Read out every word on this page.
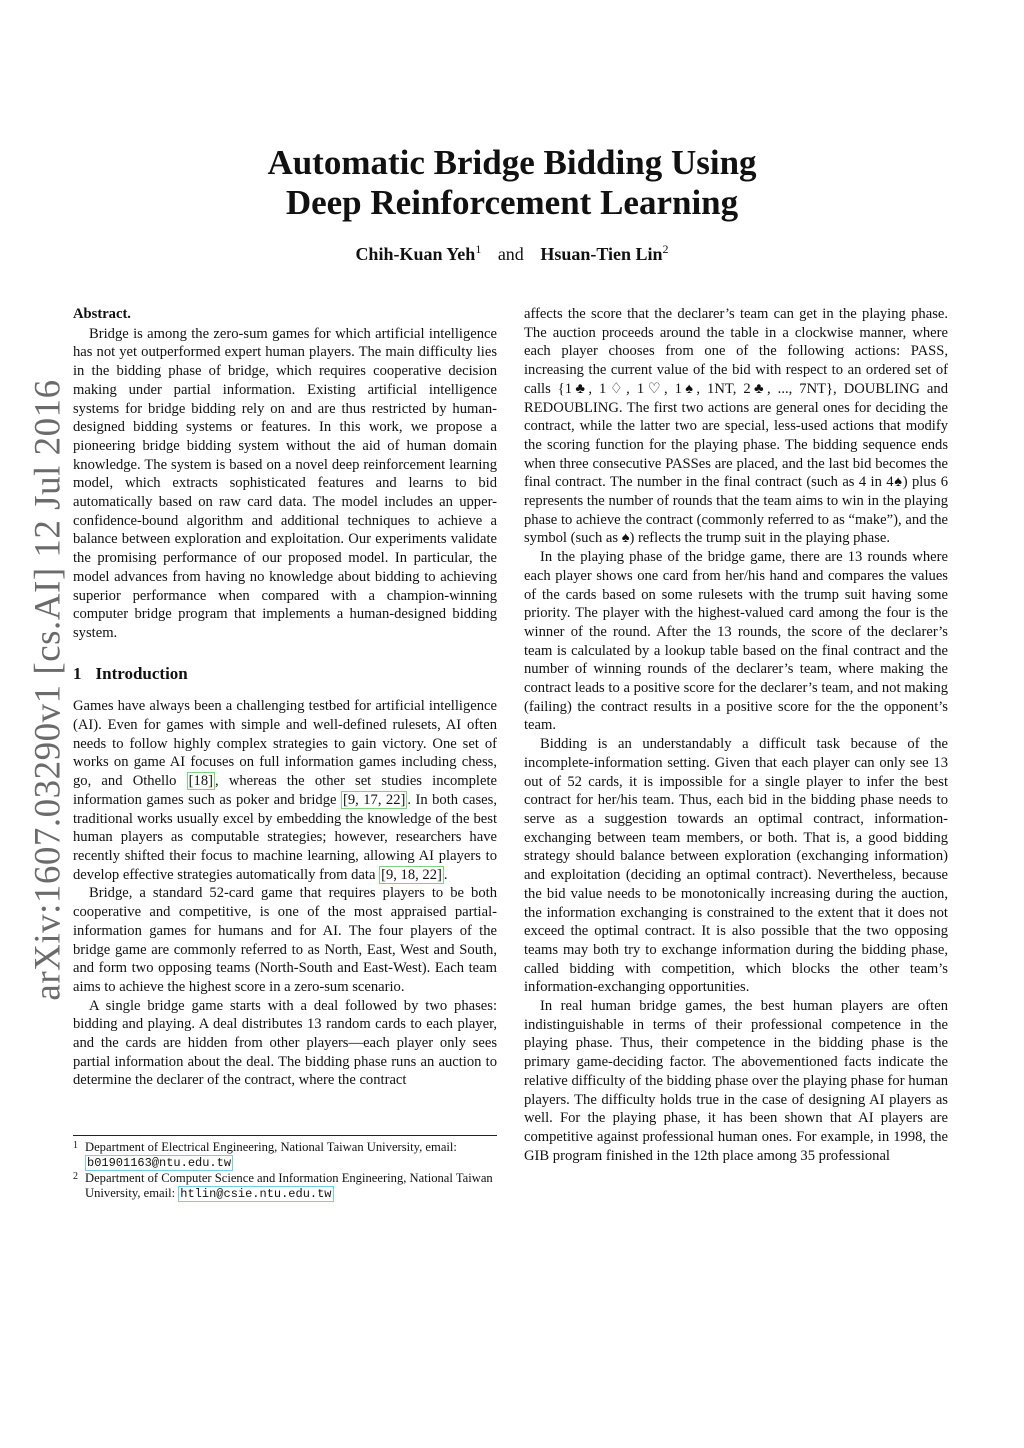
arXiv:1607.03290v1 [cs.AI] 12 Jul 2016
Automatic Bridge Bidding Using
Deep Reinforcement Learning
Chih-Kuan Yeh$^1$ and Hsuan-Tien Lin$^2$
Abstract.

Bridge is among the zero-sum games for which artificial intelligence has not yet outperformed expert human players. The main difficulty lies in the bidding phase of bridge, which requires cooperative decision making under partial information. Existing artificial intelligence systems for bridge bidding rely on and are thus restricted by human-designed bidding systems or features. In this work, we propose a pioneering bridge bidding system without the aid of human domain knowledge. The system is based on a novel deep reinforcement learning model, which extracts sophisticated features and learns to bid automatically based on raw card data. The model includes an upper-confidence-bound algorithm and additional techniques to achieve a balance between exploration and exploitation. Our experiments validate the promising performance of our proposed model. In particular, the model advances from having no knowledge about bidding to achieving superior performance when compared with a champion-winning computer bridge program that implements a human-designed bidding system.

1 Introduction

Games have always been a challenging testbed for artificial intelligence (AI). Even for games with simple and well-defined rulesets, AI often needs to follow highly complex strategies to gain victory. One set of works on game AI focuses on full information games including chess, go, and Othello [18] , whereas the other set studies incomplete information games such as poker and bridge [9, 17, 22] . In both cases, traditional works usually excel by embedding the knowledge of the best human players as computable strategies; however, researchers have recently shifted their focus to machine learning, allowing AI players to develop effective strategies automatically from data [9, 18, 22] .

Bridge, a standard 52-card game that requires players to be both cooperative and competitive, is one of the most appraised partial-information games for humans and for AI. The four players of the bridge game are commonly referred to as North, East, West and South, and form two opposing teams (North-South and East-West). Each team aims to achieve the highest score in a zero-sum scenario.

A single bridge game starts with a deal followed by two phases: bidding and playing. A deal distributes 13 random cards to each player, and the cards are hidden from other players—each player only sees partial information about the deal. The bidding phase runs an auction to determine the declarer of the contract, where the contract

1 Department of Electrical Engineering, National Taiwan University, email: b01901163@ntu.edu.tw
2 Department of Computer Science and Information Engineering, National Taiwan University, email: htlin@csie.ntu.edu.tw

affects the score that the declarer’s team can get in the playing phase. The auction proceeds around the table in a clockwise manner, where each player chooses from one of the following actions: PASS, increasing the current value of the bid with respect to an ordered set of calls {1♣, 1♢, 1♡, 1♠, 1NT, 2♣, ..., 7NT}, DOUBLING and REDOUBLING. The first two actions are general ones for deciding the contract, while the latter two are special, less-used actions that modify the scoring function for the playing phase. The bidding sequence ends when three consecutive PASSes are placed, and the last bid becomes the final contract. The number in the final contract (such as 4 in 4♠) plus 6 represents the number of rounds that the team aims to win in the playing phase to achieve the contract (commonly referred to as “make”), and the symbol (such as ♠) reflects the trump suit in the playing phase.

In the playing phase of the bridge game, there are 13 rounds where each player shows one card from her/his hand and compares the values of the cards based on some rulesets with the trump suit having some priority. The player with the highest-valued card among the four is the winner of the round. After the 13 rounds, the score of the declarer’s team is calculated by a lookup table based on the final contract and the number of winning rounds of the declarer’s team, where making the contract leads to a positive score for the declarer’s team, and not making (failing) the contract results in a positive score for the the opponent’s team.

Bidding is an understandably a difficult task because of the incomplete-information setting. Given that each player can only see 13 out of 52 cards, it is impossible for a single player to infer the best contract for her/his team. Thus, each bid in the bidding phase needs to serve as a suggestion towards an optimal contract, information-exchanging between team members, or both. That is, a good bidding strategy should balance between exploration (exchanging information) and exploitation (deciding an optimal contract). Nevertheless, because the bid value needs to be monotonically increasing during the auction, the information exchanging is constrained to the extent that it does not exceed the optimal contract. It is also possible that the two opposing teams may both try to exchange information during the bidding phase, called bidding with competition, which blocks the other team’s information-exchanging opportunities.

In real human bridge games, the best human players are often indistinguishable in terms of their professional competence in the playing phase. Thus, their competence in the bidding phase is the primary game-deciding factor. The abovementioned facts indicate the relative difficulty of the bidding phase over the playing phase for human players. The difficulty holds true in the case of designing AI players as well. For the playing phase, it has been shown that AI players are competitive against professional human ones. For example, in 1998, the GIB program finished in the 12th place among 35 professional
